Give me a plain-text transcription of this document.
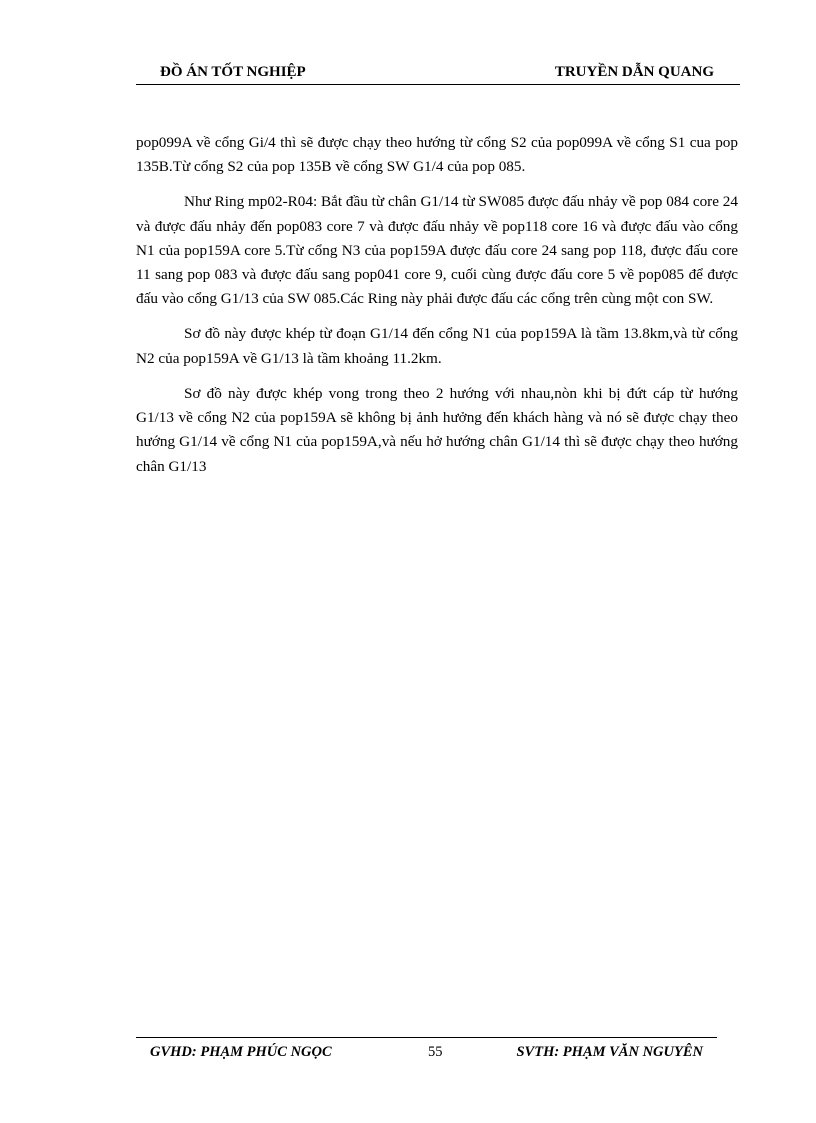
ĐỒ ÁN TỐT NGHIỆP	TRUYỀN DẪN QUANG

pop099A về cổng Gi/4 thì sẽ được chạy theo hướng từ cổng S2 của pop099A về cổng S1 cua pop 135B.Từ cổng S2 của pop 135B về cổng SW G1/4 của pop 085.

Như Ring mp02-R04: Bắt đầu từ chân G1/14 từ SW085 được đấu nhảy về pop 084 core 24 và được đấu nhảy đến pop083 core 7 và được đấu nhảy về pop118 core 16 và được đấu vào cổng N1 của pop159A core 5.Từ cổng N3 của pop159A được đấu core 24 sang pop 118, được đấu core 11 sang pop 083 và được đấu sang pop041 core 9, cuối cùng được đấu core 5 về pop085 để được đấu vào cổng G1/13 của SW 085.Các Ring này phải được đấu các cổng trên cùng một con SW.

Sơ đồ này được khép từ đoạn G1/14 đến cổng N1 của pop159A là tầm 13.8km,và từ cổng N2 của pop159A về G1/13 là tầm khoảng 11.2km.

Sơ đồ này được khép vong trong theo 2 hướng với nhau,nòn khi bị đứt cáp từ hướng G1/13 về cổng N2 của pop159A sẽ không bị ảnh hưởng đến khách hàng và nó sẽ được chạy theo hướng G1/14 về cổng N1 của pop159A,và nếu hở hướng chân G1/14 thì sẽ được chạy theo hướng chân G1/13

GVHD: PHẠM PHÚC NGỌC	55	SVTH: PHẠM VĂN NGUYÊN
